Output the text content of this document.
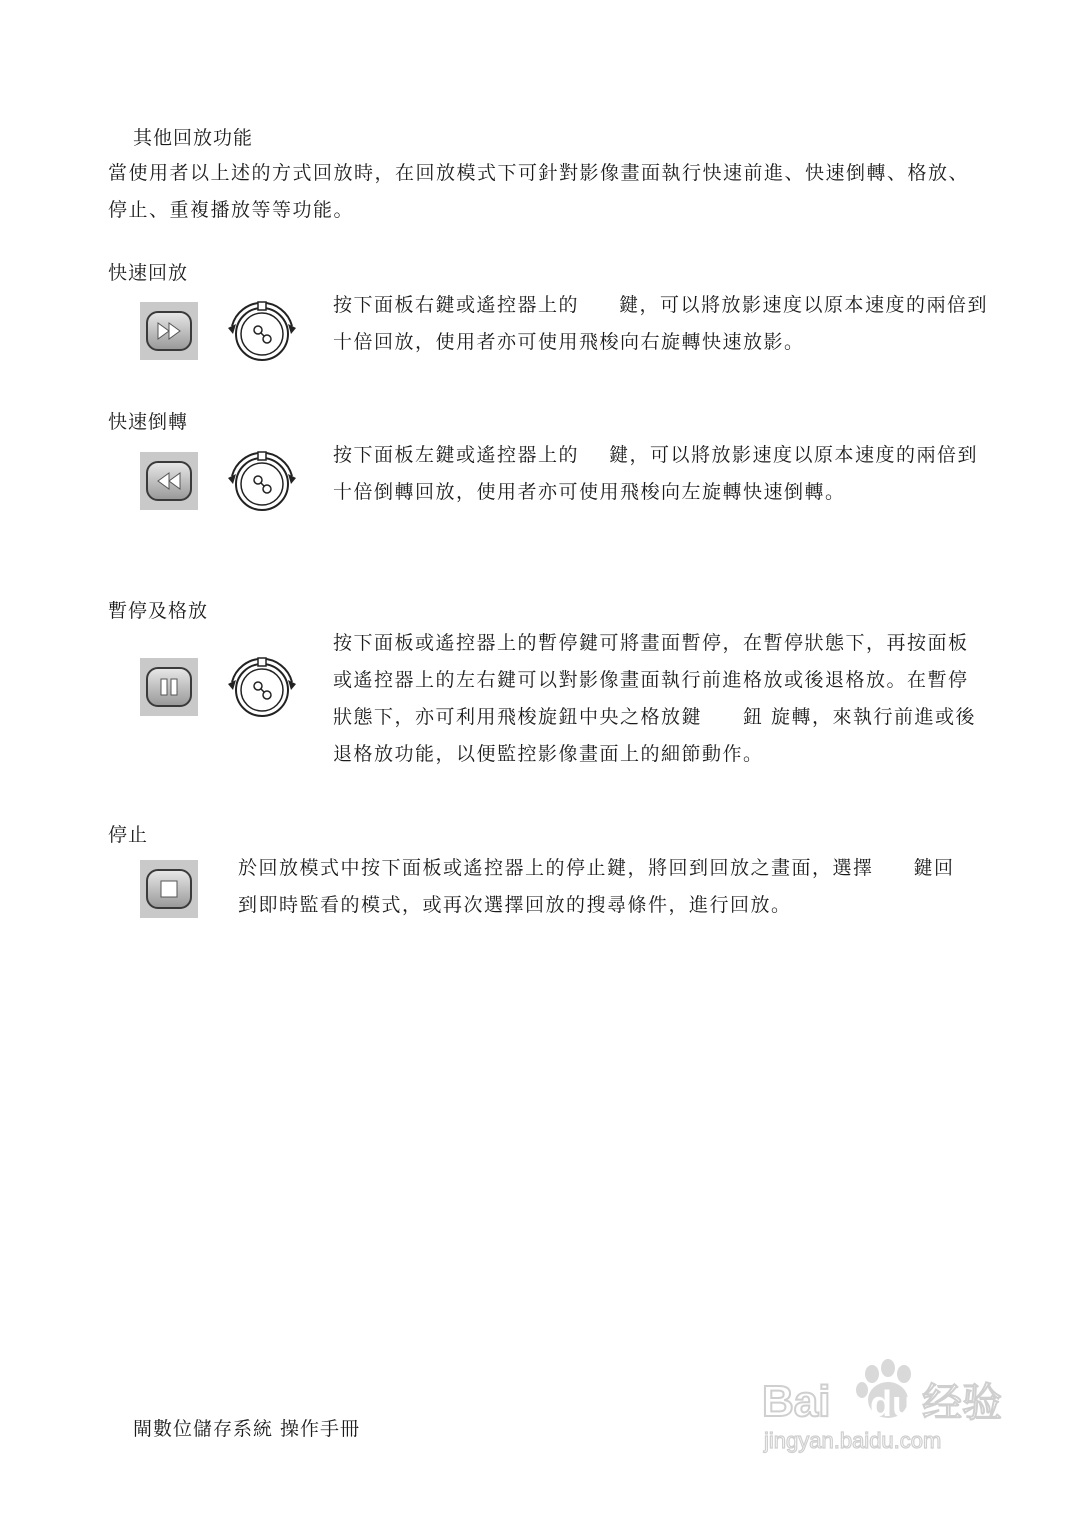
其他回放功能
當使用者以上述的方式回放時，在回放模式下可針對影像畫面執行快速前進、快速倒轉、格放、
停止、重複播放等等功能。
快速回放
按下面板右鍵或遙控器上的 鍵，可以將放影速度以原本速度的兩倍到
十倍回放，使用者亦可使用飛梭向右旋轉快速放影。
快速倒轉
按下面板左鍵或遙控器上的 鍵，可以將放影速度以原本速度的兩倍到
十倍倒轉回放，使用者亦可使用飛梭向左旋轉快速倒轉。
暫停及格放
按下面板或遙控器上的暫停鍵可將畫面暫停，在暫停狀態下，再按面板
或遙控器上的左右鍵可以對影像畫面執行前進格放或後退格放。在暫停
狀態下，亦可利用飛梭旋鈕中央之格放鍵　　鈕 旋轉，來執行前進或後
退格放功能，以便監控影像畫面上的細節動作。
停止
於回放模式中按下面板或遙控器上的停止鍵，將回到回放之畫面，選擇 鍵回
到即時監看的模式，或再次選擇回放的搜尋條件，進行回放。
閘數位儲存系統 操作手冊
Bai du 经验
jingyan.baidu.com
